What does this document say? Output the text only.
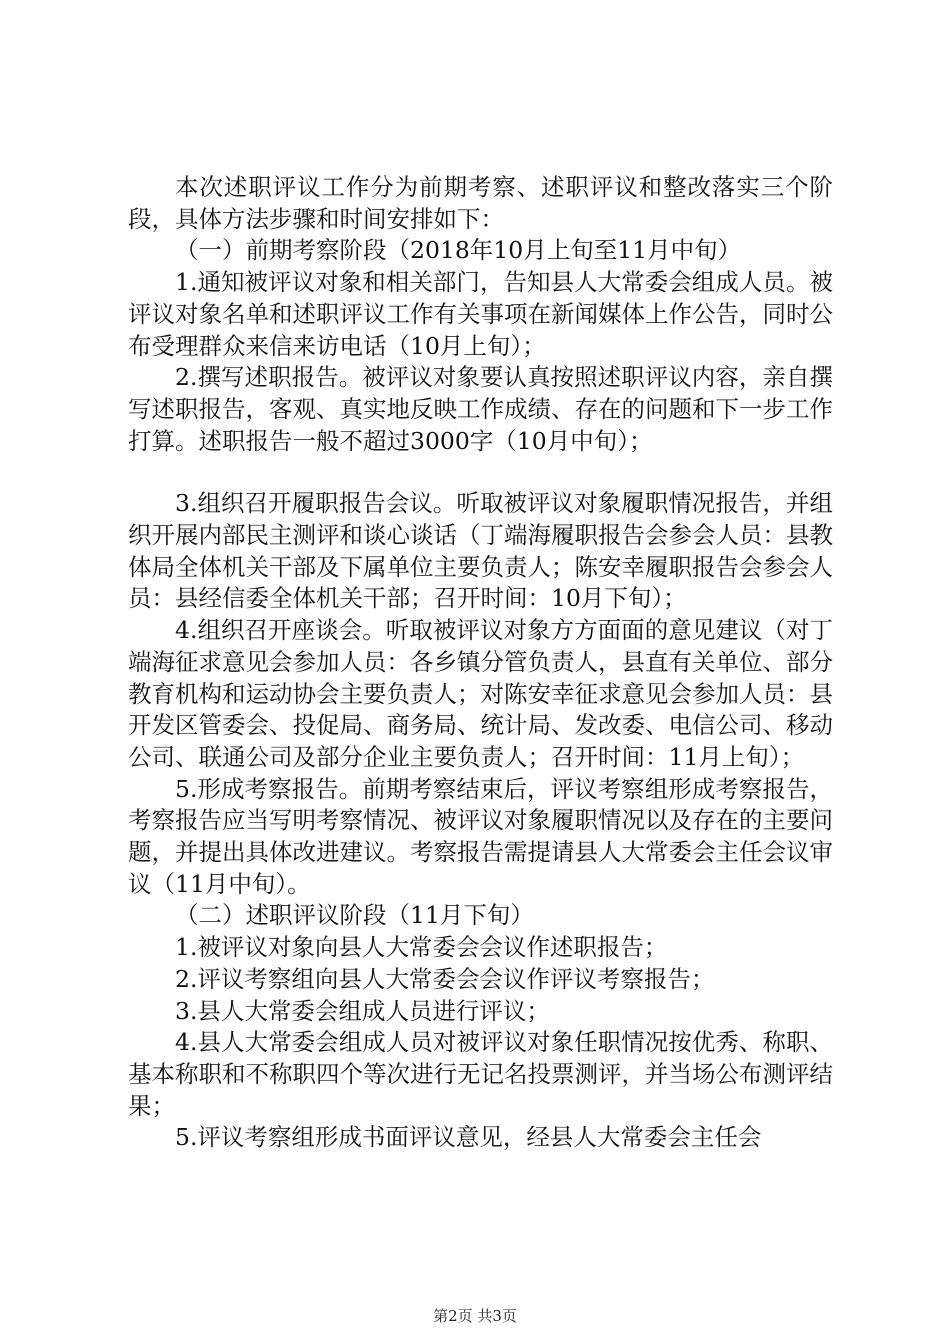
本次述职评议工作分为前期考察、述职评议和整改落实三个阶段，具体方法步骤和时间安排如下：

（一）前期考察阶段（2018年10月上旬至11月中旬）

1.通知被评议对象和相关部门，告知县人大常委会组成人员。被评议对象名单和述职评议工作有关事项在新闻媒体上作公告，同时公布受理群众来信来访电话（10月上旬）；

2.撰写述职报告。被评议对象要认真按照述职评议内容，亲自撰写述职报告，客观、真实地反映工作成绩、存在的问题和下一步工作打算。述职报告一般不超过3000字（10月中旬）；

3.组织召开履职报告会议。听取被评议对象履职情况报告，并组织开展内部民主测评和谈心谈话（丁端海履职报告会参会人员：县教体局全体机关干部及下属单位主要负责人；陈安幸履职报告会参会人员：县经信委全体机关干部；召开时间：10月下旬）；

4.组织召开座谈会。听取被评议对象方方面面的意见建议（对丁端海征求意见会参加人员：各乡镇分管负责人，县直有关单位、部分教育机构和运动协会主要负责人；对陈安幸征求意见会参加人员：县开发区管委会、投促局、商务局、统计局、发改委、电信公司、移动公司、联通公司及部分企业主要负责人；召开时间：11月上旬）；

5.形成考察报告。前期考察结束后，评议考察组形成考察报告，考察报告应当写明考察情况、被评议对象履职情况以及存在的主要问题，并提出具体改进建议。考察报告需提请县人大常委会主任会议审议（11月中旬）。

（二）述职评议阶段（11月下旬）

1.被评议对象向县人大常委会会议作述职报告；

2.评议考察组向县人大常委会会议作评议考察报告；

3.县人大常委会组成人员进行评议；

4.县人大常委会组成人员对被评议对象任职情况按优秀、称职、基本称职和不称职四个等次进行无记名投票测评，并当场公布测评结果；

5.评议考察组形成书面评议意见，经县人大常委会主任会

第2页 共3页
